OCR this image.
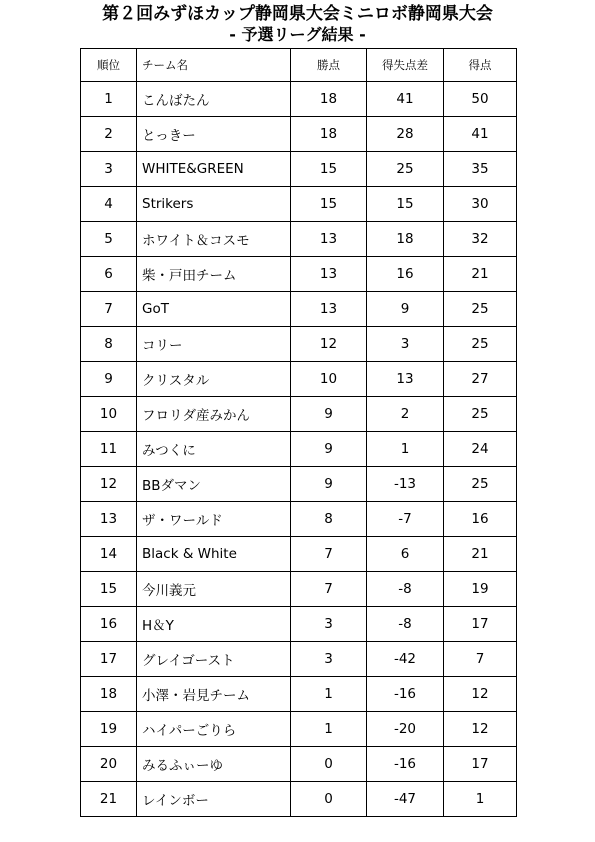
第２回みずほカップ静岡県大会ミニロボ静岡県大会
- 予選リーグ結果 -
順位	チーム名	勝点	得失点差	得点
1	こんばたん	18	41	50
2	とっきー	18	28	41
3	WHITE&GREEN	15	25	35
4	Strikers	15	15	30
5	ホワイト＆コスモ	13	18	32
6	柴・戸田チーム	13	16	21
7	GoT	13	9	25
8	コリー	12	3	25
9	クリスタル	10	13	27
10	フロリダ産みかん	9	2	25
11	みつくに	9	1	24
12	BBダマン	9	-13	25
13	ザ・ワールド	8	-7	16
14	Black & White	7	6	21
15	今川義元	7	-8	19
16	H＆Y	3	-8	17
17	グレイゴースト	3	-42	7
18	小澤・岩見チーム	1	-16	12
19	ハイパーごりら	1	-20	12
20	みるふぃーゆ	0	-16	17
21	レインボー	0	-47	1
